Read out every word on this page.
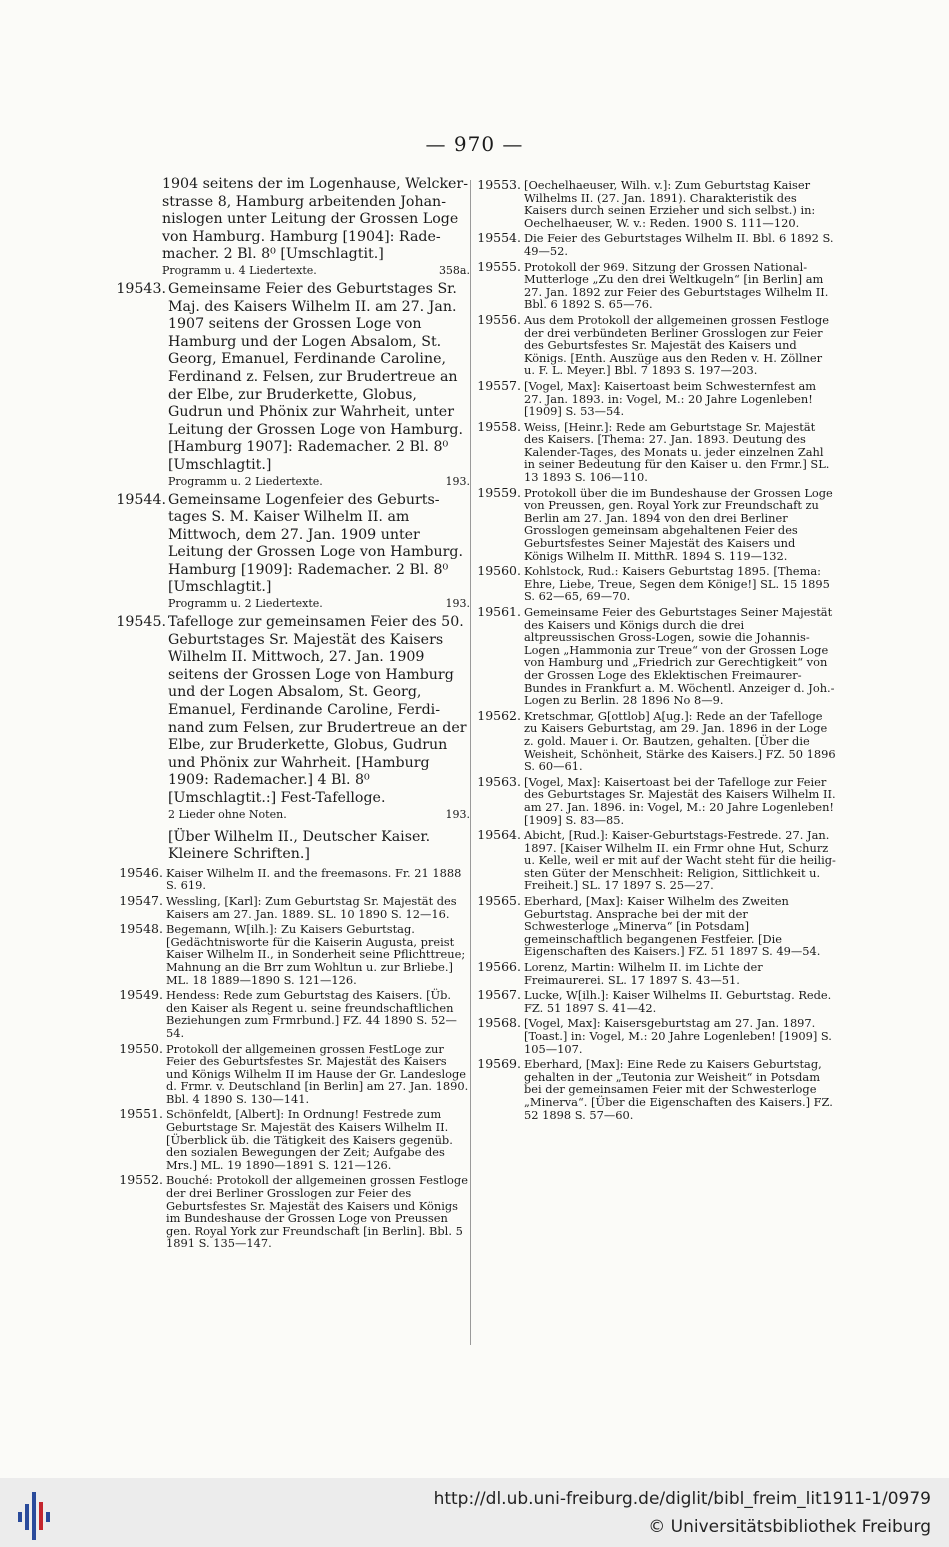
— 970 —
1904 seitens der im Logenhause, Welckerstrasse 8, Hamburg arbeitenden Johannislogen unter Leitung der Grossen Loge von Hamburg. Hamburg [1904]: Rademacher. 2 Bl. 8⁰ [Umschlagtit.]
Programm u. 4 Liedertexte.	358a.
19543. Gemeinsame Feier des Geburtstages Sr. Maj. des Kaisers Wilhelm II. am 27. Jan. 1907 seitens der Grossen Loge von Hamburg und der Logen Absalom, St. Georg, Emanuel, Ferdinande Caroline, Ferdinand z. Felsen, zur Brudertreue an der Elbe, zur Bruderkette, Globus, Gudrun und Phönix zur Wahrheit, unter Leitung der Grossen Loge von Hamburg. [Hamburg 1907]: Rademacher. 2 Bl. 8⁰ [Umschlagtit.]
Programm u. 2 Liedertexte.	193.
19544. Gemeinsame Logenfeier des Geburtstages S. M. Kaiser Wilhelm II. am Mittwoch, dem 27. Jan. 1909 unter Leitung der Grossen Loge von Hamburg. Hamburg [1909]: Rademacher. 2 Bl. 8⁰ [Umschlagtit.]
Programm u. 2 Liedertexte.	193.
19545. Tafelloge zur gemeinsamen Feier des 50. Geburtstages Sr. Majestät des Kaisers Wilhelm II. Mittwoch, 27. Jan. 1909 seitens der Grossen Loge von Hamburg und der Logen Absalom, St. Georg, Emanuel, Ferdinande Caroline, Ferdinand zum Felsen, zur Brudertreue an der Elbe, zur Bruderkette, Globus, Gudrun und Phönix zur Wahrheit. [Hamburg 1909: Rademacher.] 4 Bl. 8⁰ [Umschlagtit.:] Fest-Tafelloge.
2 Lieder ohne Noten.	193.
[Über Wilhelm II., Deutscher Kaiser. Kleinere Schriften.]
19546. Kaiser Wilhelm II. and the freemasons. Fr. 21 1888 S. 619.
19547. Wessling, [Karl]: Zum Geburtstag Sr. Majestät des Kaisers am 27. Jan. 1889. SL. 10 1890 S. 12—16.
19548. Begemann, W[ilh.]: Zu Kaisers Geburtstag. [Gedächtnisworte für die Kaiserin Augusta, preist Kaiser Wilhelm II., in Sonderheit seine Pflichttreue; Mahnung an die Brr zum Wohltun u. zur Brliebe.] ML. 18 1889—1890 S. 121—126.
19549. Hendess: Rede zum Geburtstag des Kaisers. [Üb. den Kaiser als Regent u. seine freundschaftlichen Beziehungen zum Frmrbund.] FZ. 44 1890 S. 52—54.
19550. Protokoll der allgemeinen grossen FestLoge zur Feier des Geburtsfestes Sr. Majestät des Kaisers und Königs Wilhelm II im Hause der Gr. Landesloge d. Frmr. v. Deutschland [in Berlin] am 27. Jan. 1890. Bbl. 4 1890 S. 130—141.
19551. Schönfeldt, [Albert]: In Ordnung! Festrede zum Geburtstage Sr. Majestät des Kaisers Wilhelm II. [Überblick üb. die Tätigkeit des Kaisers gegenüb. den sozialen Bewegungen der Zeit; Aufgabe des Mrs.] ML. 19 1890—1891 S. 121—126.
19552. Bouché: Protokoll der allgemeinen grossen Festloge der drei Berliner Grosslogen zur Feier des Geburtsfestes Sr. Majestät des Kaisers und Königs im Bundeshause der Grossen Loge von Preussen gen. Royal York zur Freundschaft [in Berlin]. Bbl. 5 1891 S. 135—147.
19553. [Oechelhaeuser, Wilh. v.]: Zum Geburtstag Kaiser Wilhelms II. (27. Jan. 1891). Charakteristik des Kaisers durch seinen Erzieher und sich selbst.) in: Oechelhaeuser, W. v.: Reden. 1900 S. 111—120.
19554. Die Feier des Geburtstages Wilhelm II. Bbl. 6 1892 S. 49—52.
19555. Protokoll der 969. Sitzung der Grossen National-Mutterloge „Zu den drei Weltkugeln“ [in Berlin] am 27. Jan. 1892 zur Feier des Geburtstages Wilhelm II. Bbl. 6 1892 S. 65—76.
19556. Aus dem Protokoll der allgemeinen grossen Festloge der drei verbündeten Berliner Grosslogen zur Feier des Geburtsfestes Sr. Majestät des Kaisers und Königs. [Enth. Auszüge aus den Reden v. H. Zöllner u. F. L. Meyer.] Bbl. 7 1893 S. 197—203.
19557. [Vogel, Max]: Kaisertoast beim Schwesternfest am 27. Jan. 1893. in: Vogel, M.: 20 Jahre Logenleben! [1909] S. 53—54.
19558. Weiss, [Heinr.]: Rede am Geburtstage Sr. Majestät des Kaisers. [Thema: 27. Jan. 1893. Deutung des Kalender-Tages, des Monats u. jeder einzelnen Zahl in seiner Bedeutung für den Kaiser u. den Frmr.] SL. 13 1893 S. 106—110.
19559. Protokoll über die im Bundeshause der Grossen Loge von Preussen, gen. Royal York zur Freundschaft zu Berlin am 27. Jan. 1894 von den drei Berliner Grosslogen gemeinsam abgehaltenen Feier des Geburtsfestes Seiner Majestät des Kaisers und Königs Wilhelm II. MitthR. 1894 S. 119—132.
19560. Kohlstock, Rud.: Kaisers Geburtstag 1895. [Thema: Ehre, Liebe, Treue, Segen dem Könige!] SL. 15 1895 S. 62—65, 69—70.
19561. Gemeinsame Feier des Geburtstages Seiner Majestät des Kaisers und Königs durch die drei altpreussischen Gross-Logen, sowie die Johannis-Logen „Hammonia zur Treue“ von der Grossen Loge von Hamburg und „Friedrich zur Gerechtigkeit“ von der Grossen Loge des Eklektischen FreimaurerBundes in Frankfurt a. M. Wöchentl. Anzeiger d. Joh.-Logen zu Berlin. 28 1896 No 8—9.
19562. Kretschmar, G[ottlob] A[ug.]: Rede an der Tafelloge zu Kaisers Geburtstag, am 29. Jan. 1896 in der Loge z. gold. Mauer i. Or. Bautzen, gehalten. [Über die Weisheit, Schönheit, Stärke des Kaisers.] FZ. 50 1896 S. 60—61.
19563. [Vogel, Max]: Kaisertoast bei der Tafelloge zur Feier des Geburtstages Sr. Majestät des Kaisers Wilhelm II. am 27. Jan. 1896. in: Vogel, M.: 20 Jahre Logenleben! [1909] S. 83—85.
19564. Abicht, [Rud.]: Kaiser-Geburtstags-Festrede. 27. Jan. 1897. [Kaiser Wilhelm II. ein Frmr ohne Hut, Schurz u. Kelle, weil er mit auf der Wacht steht für die heiligsten Güter der Menschheit: Religion, Sittlichkeit u. Freiheit.] SL. 17 1897 S. 25—27.
19565. Eberhard, [Max]: Kaiser Wilhelm des Zweiten Geburtstag. Ansprache bei der mit der Schwesterloge „Minerva“ [in Potsdam] gemeinschaftlich begangenen Festfeier. [Die Eigenschaften des Kaisers.] FZ. 51 1897 S. 49—54.
19566. Lorenz, Martin: Wilhelm II. im Lichte der Freimaurerei. SL. 17 1897 S. 43—51.
19567. Lucke, W[ilh.]: Kaiser Wilhelms II. Geburtstag. Rede. FZ. 51 1897 S. 41—42.
19568. [Vogel, Max]: Kaisersgeburtstag am 27. Jan. 1897. [Toast.] in: Vogel, M.: 20 Jahre Logenleben! [1909] S. 105—107.
19569. Eberhard, [Max]: Eine Rede zu Kaisers Geburtstag, gehalten in der „Teutonia zur Weisheit“ in Potsdam bei der gemeinsamen Feier mit der Schwesterloge „Minerva“. [Über die Eigenschaften des Kaisers.] FZ. 52 1898 S. 57—60.
http://dl.ub.uni-freiburg.de/diglit/bibl_freim_lit1911-1/0979
© Universitätsbibliothek Freiburg
